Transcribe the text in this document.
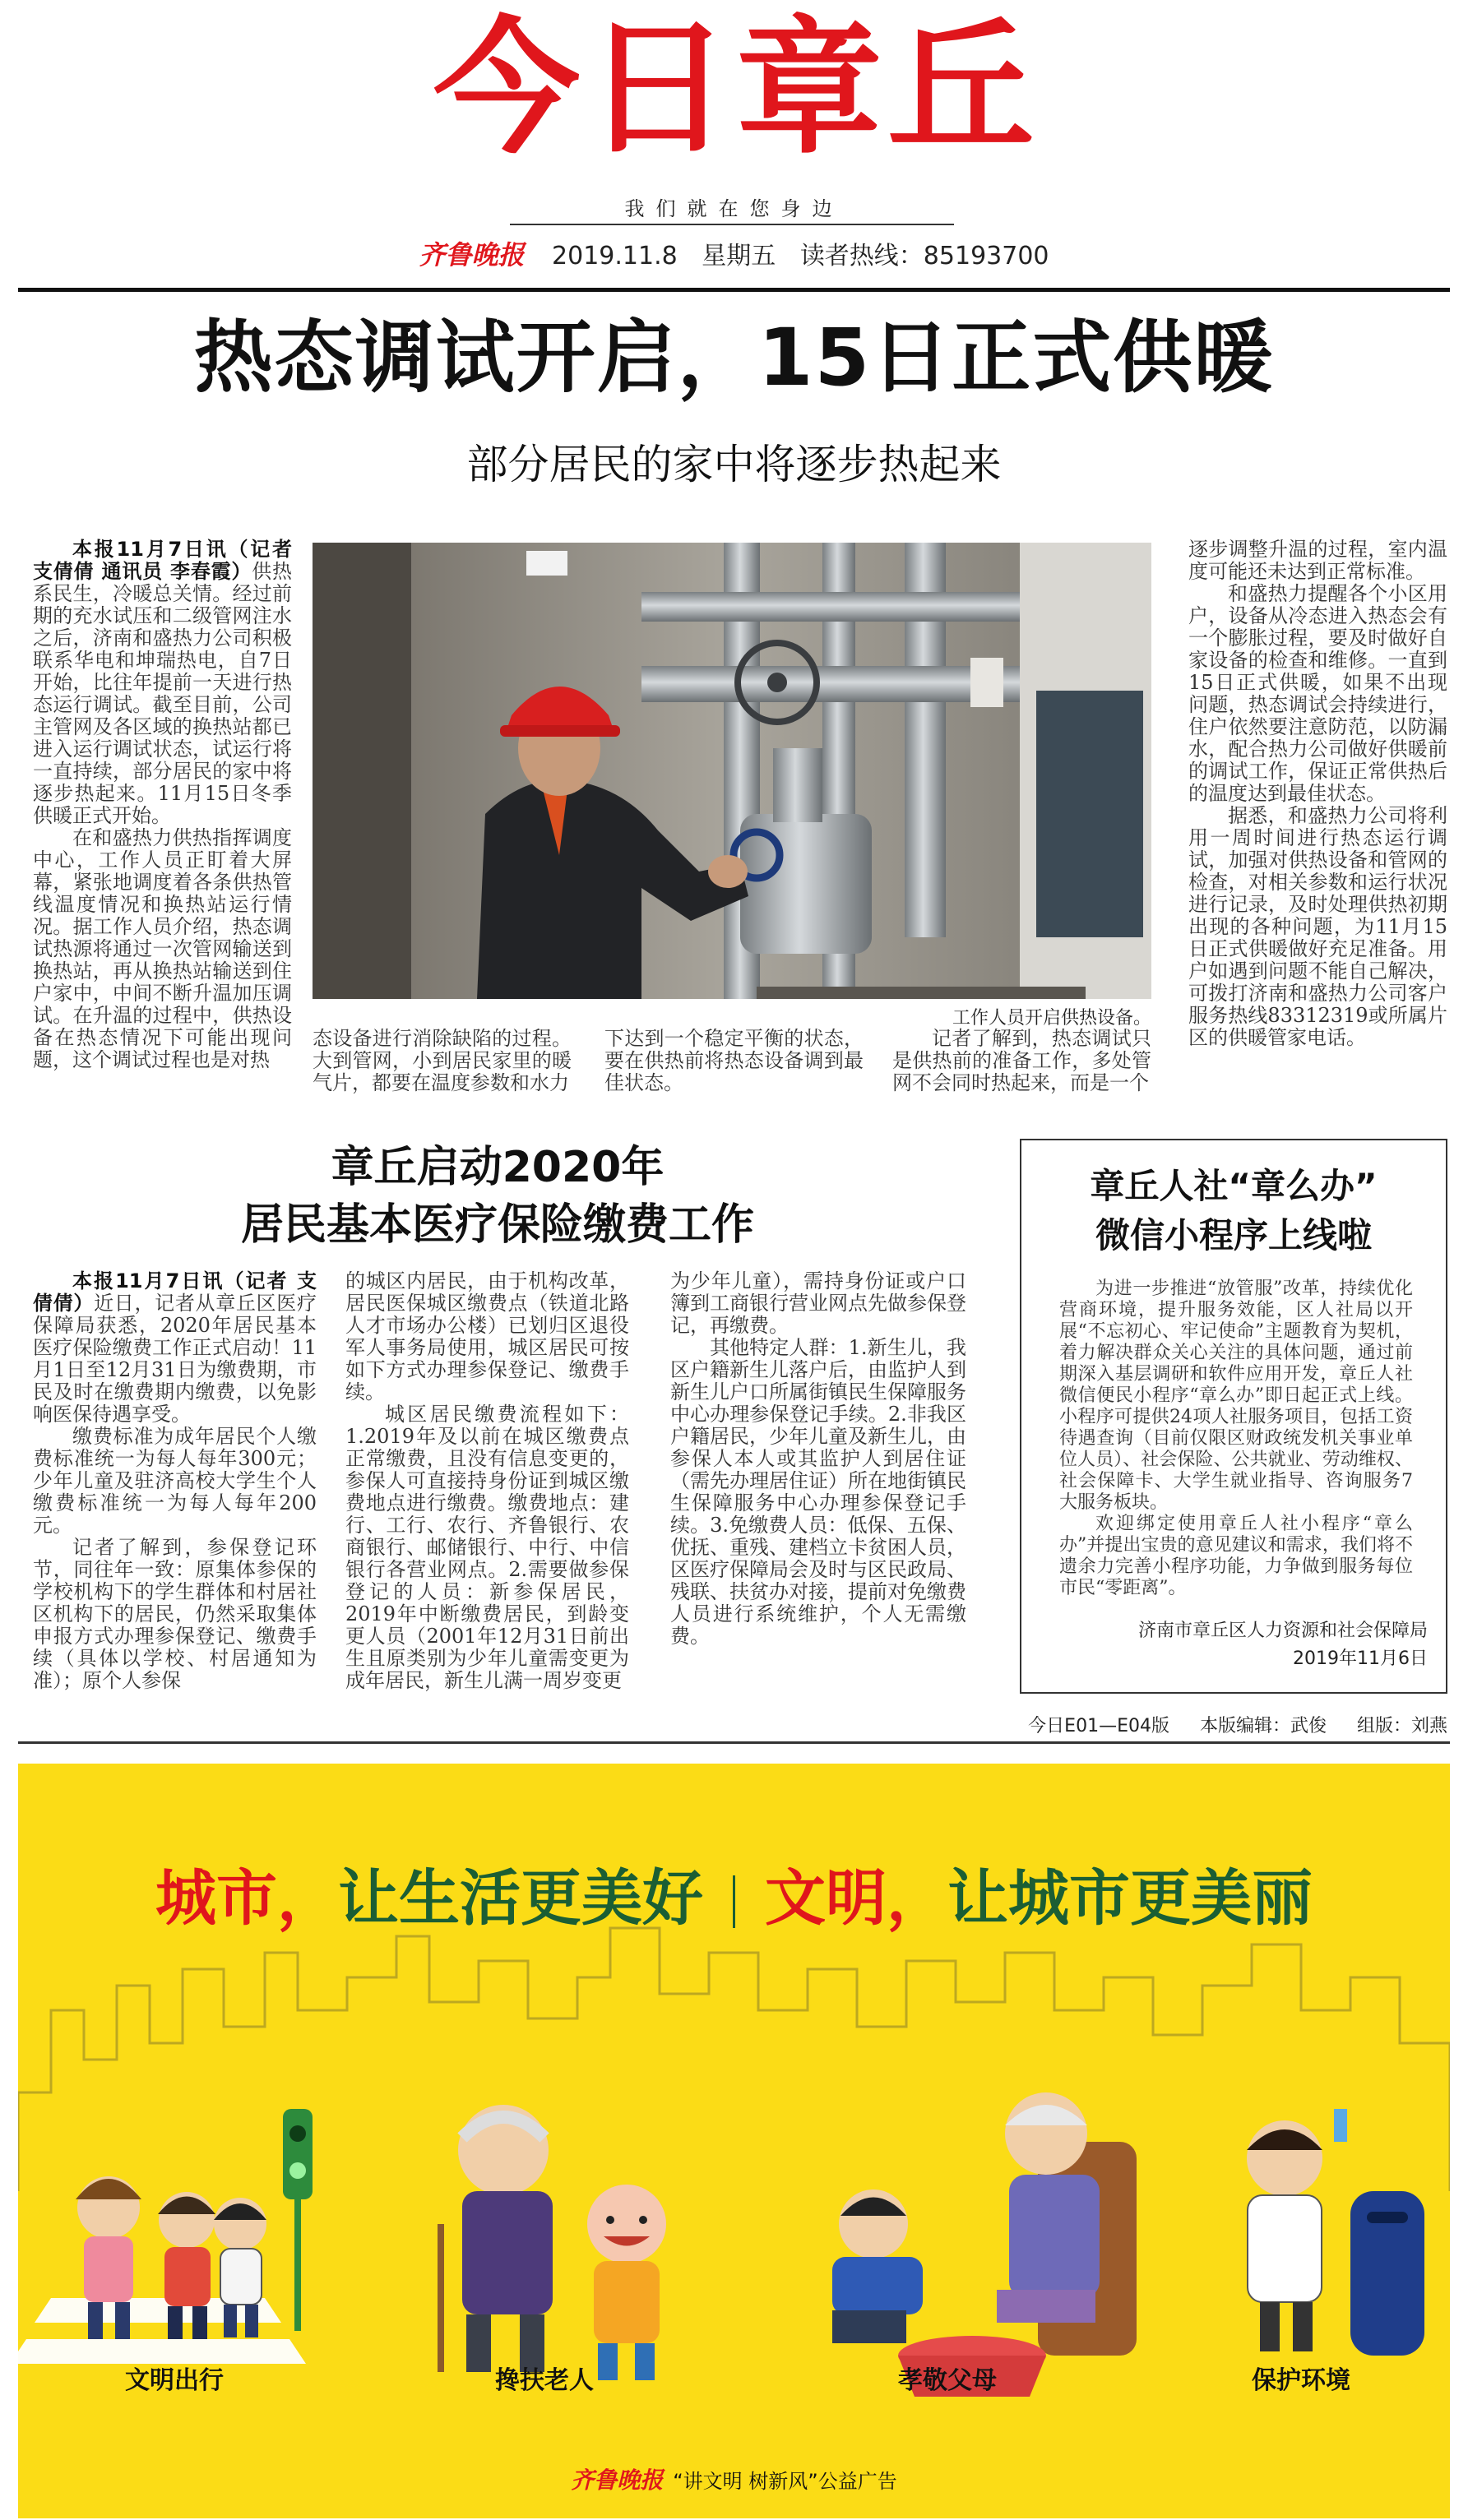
今日章丘
我们就在您身边
齐鲁晚报 2019.11.8 星期五 读者热线：85193700
热态调试开启，15日正式供暖
部分居民的家中将逐步热起来

本报11月7日讯（记者 支倩倩 通讯员 李春霞）供热系民生，冷暖总关情。经过前期的充水试压和二级管网注水之后，济南和盛热力公司积极联系华电和坤瑞热电，自7日开始，比往年提前一天进行热态运行调试。截至目前，公司主管网及各区域的换热站都已进入运行调试状态，试运行将一直持续，部分居民的家中将逐步热起来。11月15日冬季供暖正式开始。

在和盛热力供热指挥调度中心，工作人员正盯着大屏幕，紧张地调度着各条供热管线温度情况和换热站运行情况。据工作人员介绍，热态调试热源将通过一次管网输送到换热站，再从换热站输送到住户家中，中间不断升温加压调试。在升温的过程中，供热设备在热态情况下可能出现问题，这个调试过程也是对热

工作人员开启供热设备。

态设备进行消除缺陷的过程。大到管网，小到居民家里的暖气片，都要在温度参数和水力

下达到一个稳定平衡的状态，要在供热前将热态设备调到最佳状态。

记者了解到，热态调试只是供热前的准备工作，多处管网不会同时热起来，而是一个

逐步调整升温的过程，室内温度可能还未达到正常标准。

和盛热力提醒各个小区用户，设备从冷态进入热态会有一个膨胀过程，要及时做好自家设备的检查和维修。一直到15日正式供暖，如果不出现问题，热态调试会持续进行，住户依然要注意防范，以防漏水，配合热力公司做好供暖前的调试工作，保证正常供热后的温度达到最佳状态。

据悉，和盛热力公司将利用一周时间进行热态运行调试，加强对供热设备和管网的检查，对相关参数和运行状况进行记录，及时处理供热初期出现的各种问题，为11月15日正式供暖做好充足准备。用户如遇到问题不能自己解决，可拨打济南和盛热力公司客户服务热线83312319或所属片区的供暖管家电话。

章丘启动2020年
居民基本医疗保险缴费工作

本报11月7日讯（记者 支倩倩）近日，记者从章丘区医疗保障局获悉，2020年居民基本医疗保险缴费工作正式启动！11月1日至12月31日为缴费期，市民及时在缴费期内缴费，以免影响医保待遇享受。

缴费标准为成年居民个人缴费标准统一为每人每年300元；少年儿童及驻济高校大学生个人缴费标准统一为每人每年200元。

记者了解到，参保登记环节，同往年一致：原集体参保的学校机构下的学生群体和村居社区机构下的居民，仍然采取集体申报方式办理参保登记、缴费手续（具体以学校、村居通知为准）；原个人参保

的城区内居民，由于机构改革，居民医保城区缴费点（铁道北路人才市场办公楼）已划归区退役军人事务局使用，城区居民可按如下方式办理参保登记、缴费手续。

城区居民缴费流程如下：1.2019年及以前在城区缴费点正常缴费，且没有信息变更的，参保人可直接持身份证到城区缴费地点进行缴费。缴费地点：建行、工行、农行、齐鲁银行、农商银行、邮储银行、中行、中信银行各营业网点。2.需要做参保登记的人员：新参保居民，2019年中断缴费居民，到龄变更人员（2001年12月31日前出生且原类别为少年儿童需变更为成年居民，新生儿满一周岁变更

为少年儿童），需持身份证或户口簿到工商银行营业网点先做参保登记，再缴费。

其他特定人群：1.新生儿，我区户籍新生儿落户后，由监护人到新生儿户口所属街镇民生保障服务中心办理参保登记手续。2.非我区户籍居民，少年儿童及新生儿，由参保人本人或其监护人到居住证（需先办理居住证）所在地街镇民生保障服务中心办理参保登记手续。3.免缴费人员：低保、五保、优抚、重残、建档立卡贫困人员，区医疗保障局会及时与区民政局、残联、扶贫办对接，提前对免缴费人员进行系统维护，个人无需缴费。

章丘人社“章么办”
微信小程序上线啦

为进一步推进“放管服”改革，持续优化营商环境，提升服务效能，区人社局以开展“不忘初心、牢记使命”主题教育为契机，着力解决群众关心关注的具体问题，通过前期深入基层调研和软件应用开发，章丘人社微信便民小程序“章么办”即日起正式上线。小程序可提供24项人社服务项目，包括工资待遇查询（目前仅限区财政统发机关事业单位人员）、社会保险、公共就业、劳动维权、社会保障卡、大学生就业指导、咨询服务7大服务板块。

欢迎绑定使用章丘人社小程序“章么办”并提出宝贵的意见建议和需求，我们将不遗余力完善小程序功能，力争做到服务每位市民“零距离”。

济南市章丘区人力资源和社会保障局
2019年11月6日
今日E01—E04版 本版编辑：武俊 组版：刘燕
城市，让生活更美好 文明，让城市更美丽
文明出行	搀扶老人	孝敬父母	保护环境
齐鲁晚报 “讲文明 树新风”公益广告
